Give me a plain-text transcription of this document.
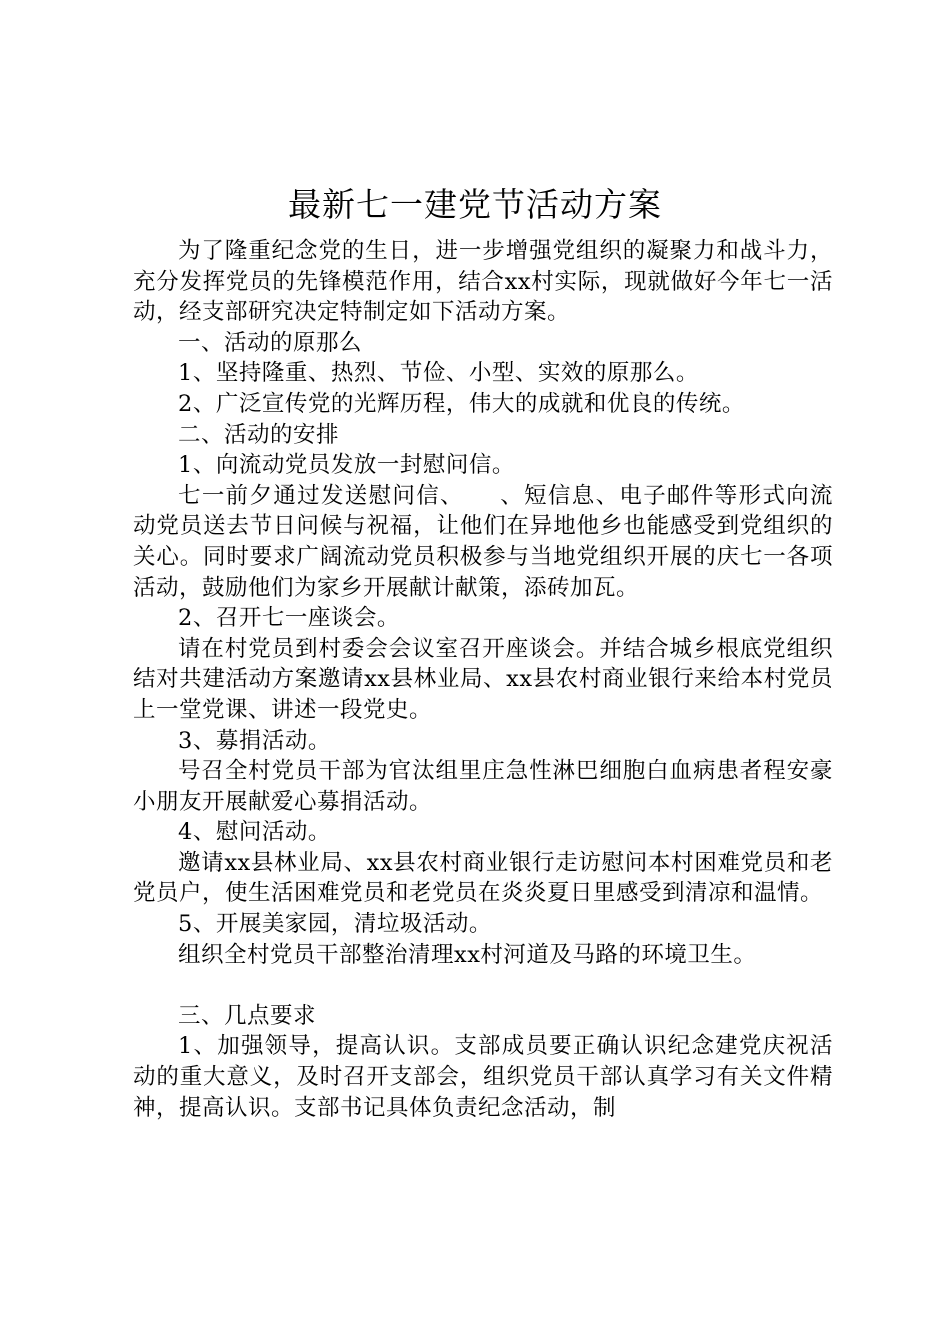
最新七一建党节活动方案

为了隆重纪念党的生日，进一步增强党组织的凝聚力和战斗力，充分发挥党员的先锋模范作用，结合xx村实际，现就做好今年七一活动，经支部研究决定特制定如下活动方案。

一、活动的原那么

1、坚持隆重、热烈、节俭、小型、实效的原那么。

2、广泛宣传党的光辉历程，伟大的成就和优良的传统。

二、活动的安排

1、向流动党员发放一封慰问信。

七一前夕通过发送慰问信、　　、短信息、电子邮件等形式向流动党员送去节日问候与祝福，让他们在异地他乡也能感受到党组织的关心。同时要求广阔流动党员积极参与当地党组织开展的庆七一各项活动，鼓励他们为家乡开展献计献策，添砖加瓦。

2、召开七一座谈会。

请在村党员到村委会会议室召开座谈会。并结合城乡根底党组织结对共建活动方案邀请xx县林业局、xx县农村商业银行来给本村党员上一堂党课、讲述一段党史。

3、募捐活动。

号召全村党员干部为官汰组里庄急性淋巴细胞白血病患者程安豪小朋友开展献爱心募捐活动。

4、慰问活动。

邀请xx县林业局、xx县农村商业银行走访慰问本村困难党员和老党员户，使生活困难党员和老党员在炎炎夏日里感受到清凉和温情。

5、开展美家园，清垃圾活动。

组织全村党员干部整治清理xx村河道及马路的环境卫生。

三、几点要求

1、加强领导，提高认识。支部成员要正确认识纪念建党庆祝活动的重大意义，及时召开支部会，组织党员干部认真学习有关文件精神，提高认识。支部书记具体负责纪念活动，制
